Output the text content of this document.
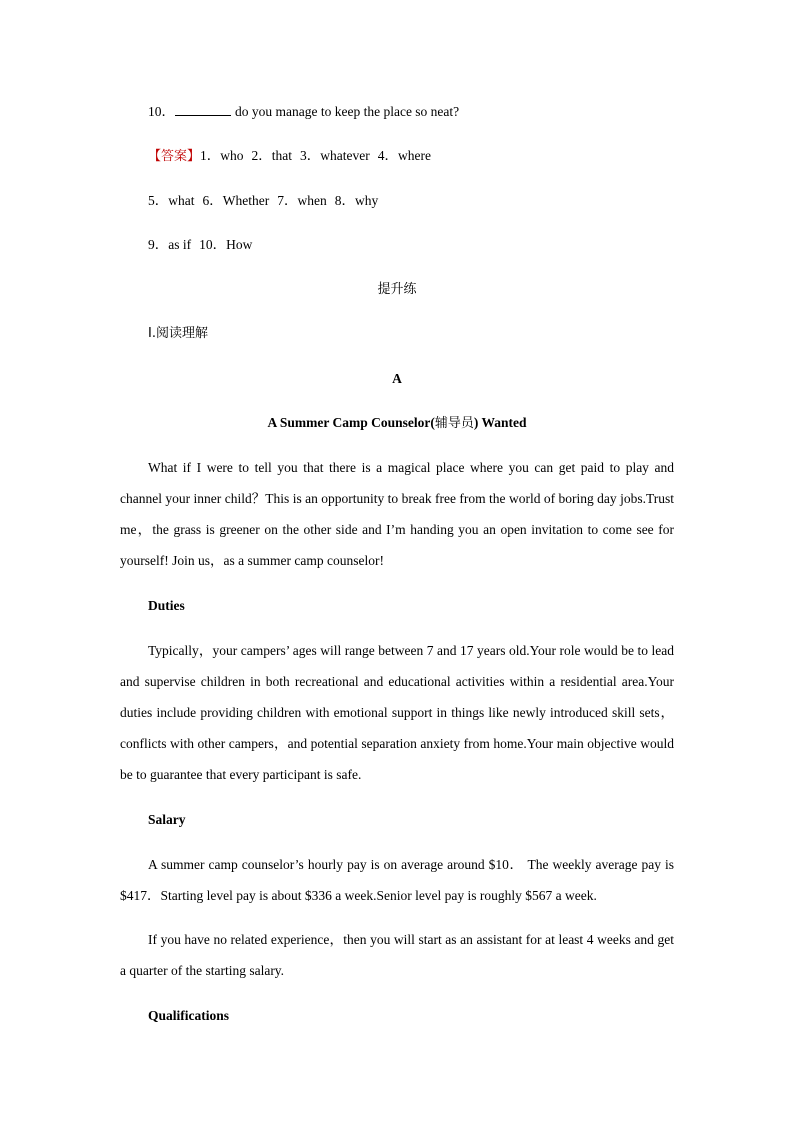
10．	do you manage to keep the place so neat?
【答案】1．who 2．that 3．whatever 4．where
5．what 6．Whether 7．when 8．why
9．as if 10．How
提升练
Ⅰ.阅读理解
A
A Summer Camp Counselor(辅导员) Wanted
What if I were to tell you that there is a magical place where you can get paid to play and channel your inner child？This is an opportunity to break free from the world of boring day jobs.Trust me，the grass is greener on the other side and I’m handing you an open invitation to come see for yourself! Join us，as a summer camp counselor!
Duties
Typically，your campers’ ages will range between 7 and 17 years old.Your role would be to lead and supervise children in both recreational and educational activities within a residential area.Your duties include providing children with emotional support in things like newly introduced skill sets，conflicts with other campers，and potential separation anxiety from home.Your main objective would be to guarantee that every participant is safe.
Salary
A summer camp counselor’s hourly pay is on average around $10． The weekly average pay is $417．Starting level pay is about $336 a week.Senior level pay is roughly $567 a week.
If you have no related experience，then you will start as an assistant for at least 4 weeks and get a quarter of the starting salary.
Qualifications
